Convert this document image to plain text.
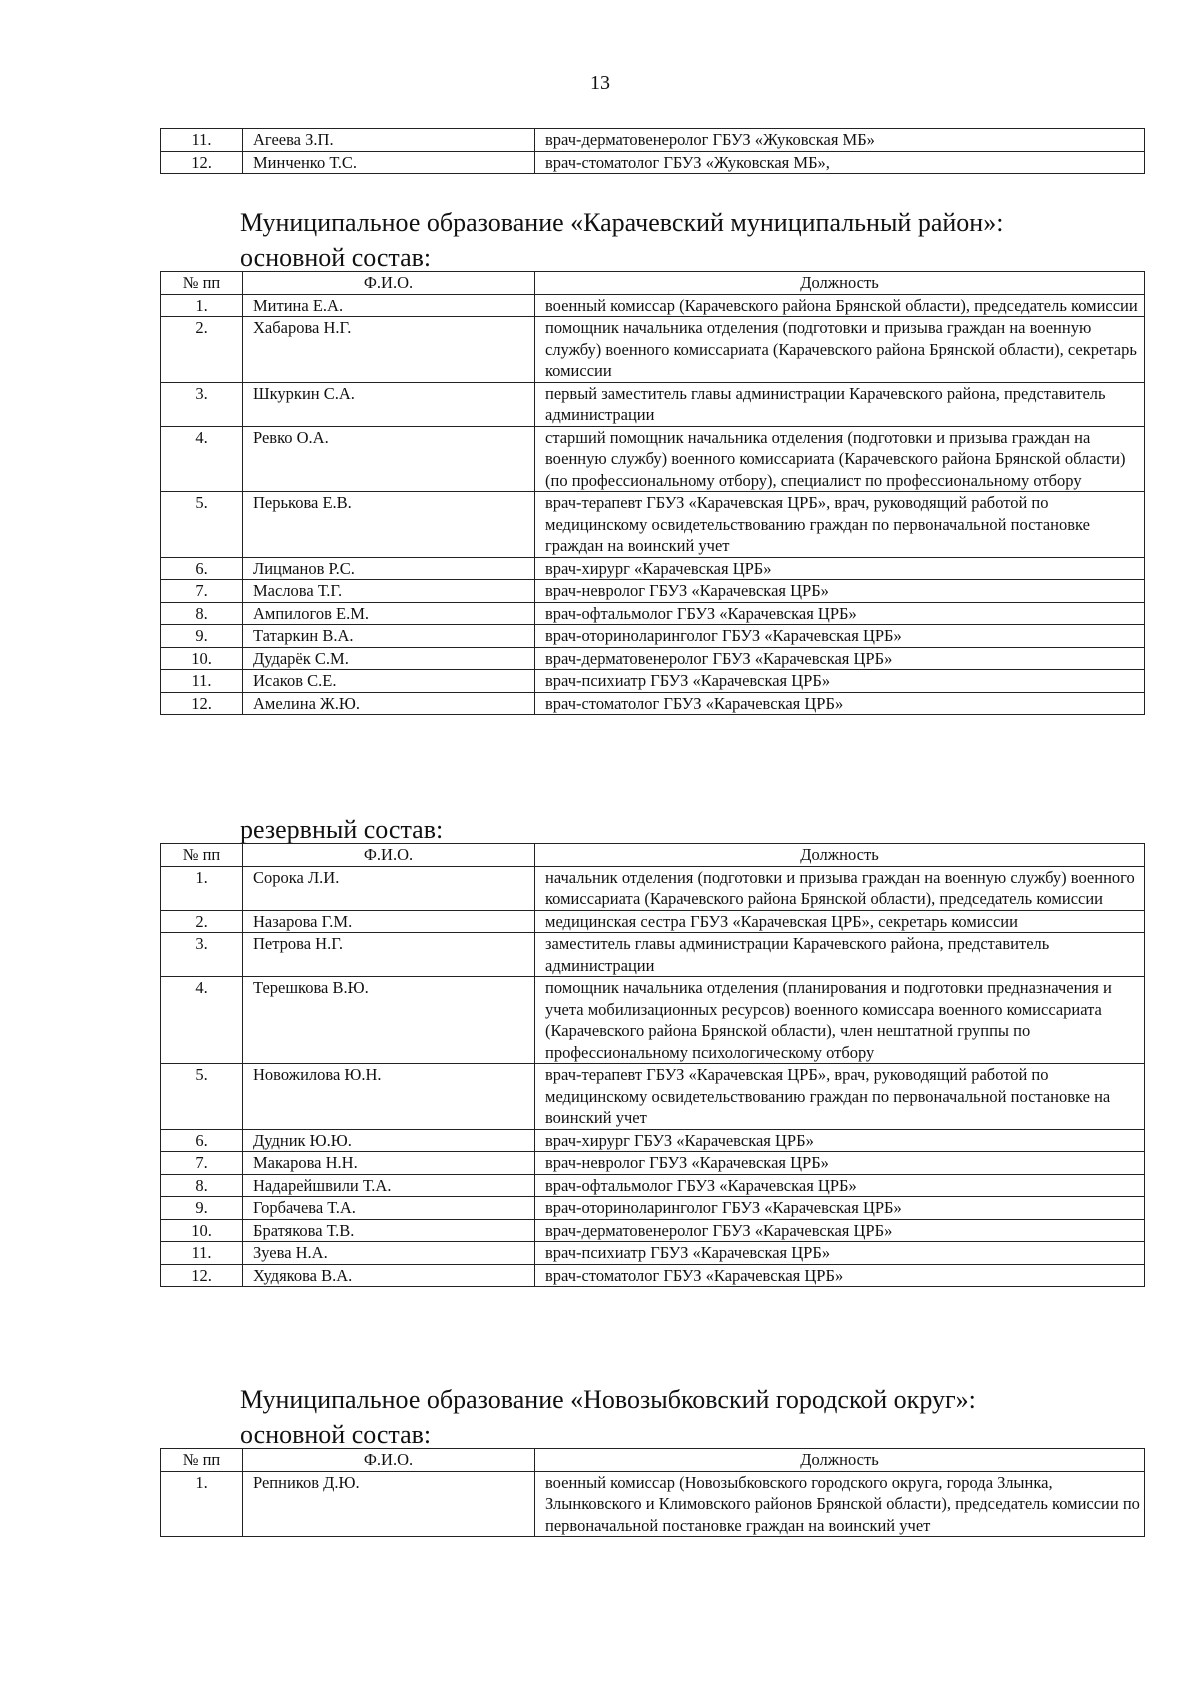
13
11.	Агеева З.П.	врач-дерматовенеролог ГБУЗ «Жуковская МБ»
12.	Минченко Т.С.	врач-стоматолог ГБУЗ «Жуковская МБ»,
Муниципальное образование «Карачевский муниципальный район»:
основной состав:
№ пп	Ф.И.О.	Должность
1.	Митина Е.А.	военный комиссар (Карачевского района Брянской области), председатель комиссии
2.	Хабарова Н.Г.	помощник начальника отделения (подготовки и призыва граждан на военную службу) военного комиссариата (Карачевского района Брянской области), секретарь комиссии
3.	Шкуркин С.А.	первый заместитель главы администрации Карачевского района, представитель администрации
4.	Ревко О.А.	старший помощник начальника отделения (подготовки и призыва граждан на военную службу) военного комиссариата (Карачевского района Брянской области) (по профессиональному отбору), специалист по профессиональному отбору
5.	Перькова Е.В.	врач-терапевт ГБУЗ «Карачевская ЦРБ», врач, руководящий работой по медицинскому освидетельствованию граждан по первоначальной постановке граждан на воинский учет
6.	Лицманов Р.С.	врач-хирург «Карачевская ЦРБ»
7.	Маслова Т.Г.	врач-невролог ГБУЗ «Карачевская ЦРБ»
8.	Ампилогов Е.М.	врач-офтальмолог ГБУЗ «Карачевская ЦРБ»
9.	Татаркин В.А.	врач-оториноларинголог ГБУЗ «Карачевская ЦРБ»
10.	Дударёк С.М.	врач-дерматовенеролог ГБУЗ «Карачевская ЦРБ»
11.	Исаков С.Е.	врач-психиатр ГБУЗ «Карачевская ЦРБ»
12.	Амелина Ж.Ю.	врач-стоматолог ГБУЗ «Карачевская ЦРБ»
резервный состав:
№ пп	Ф.И.О.	Должность
1.	Сорока Л.И.	начальник отделения (подготовки и призыва граждан на военную службу) военного комиссариата (Карачевского района Брянской области), председатель комиссии
2.	Назарова Г.М.	медицинская сестра ГБУЗ «Карачевская ЦРБ», секретарь комиссии
3.	Петрова Н.Г.	заместитель главы администрации Карачевского района, представитель администрации
4.	Терешкова В.Ю.	помощник начальника отделения (планирования и подготовки предназначения и учета мобилизационных ресурсов) военного комиссара военного комиссариата (Карачевского района Брянской области), член нештатной группы по профессиональному психологическому отбору
5.	Новожилова Ю.Н.	врач-терапевт ГБУЗ «Карачевская ЦРБ», врач, руководящий работой по медицинскому освидетельствованию граждан по первоначальной постановке на воинский учет
6.	Дудник Ю.Ю.	врач-хирург ГБУЗ «Карачевская ЦРБ»
7.	Макарова Н.Н.	врач-невролог ГБУЗ «Карачевская ЦРБ»
8.	Надарейшвили Т.А.	врач-офтальмолог ГБУЗ «Карачевская ЦРБ»
9.	Горбачева Т.А.	врач-оториноларинголог ГБУЗ «Карачевская ЦРБ»
10.	Братякова Т.В.	врач-дерматовенеролог ГБУЗ «Карачевская ЦРБ»
11.	Зуева Н.А.	врач-психиатр ГБУЗ «Карачевская ЦРБ»
12.	Худякова В.А.	врач-стоматолог ГБУЗ «Карачевская ЦРБ»
Муниципальное образование «Новозыбковский городской округ»:
основной состав:
№ пп	Ф.И.О.	Должность
1.	Репников Д.Ю.	военный комиссар (Новозыбковского городского округа, города Злынка, Злынковского и Климовского районов Брянской области), председатель комиссии по первоначальной постановке граждан на воинский учет
